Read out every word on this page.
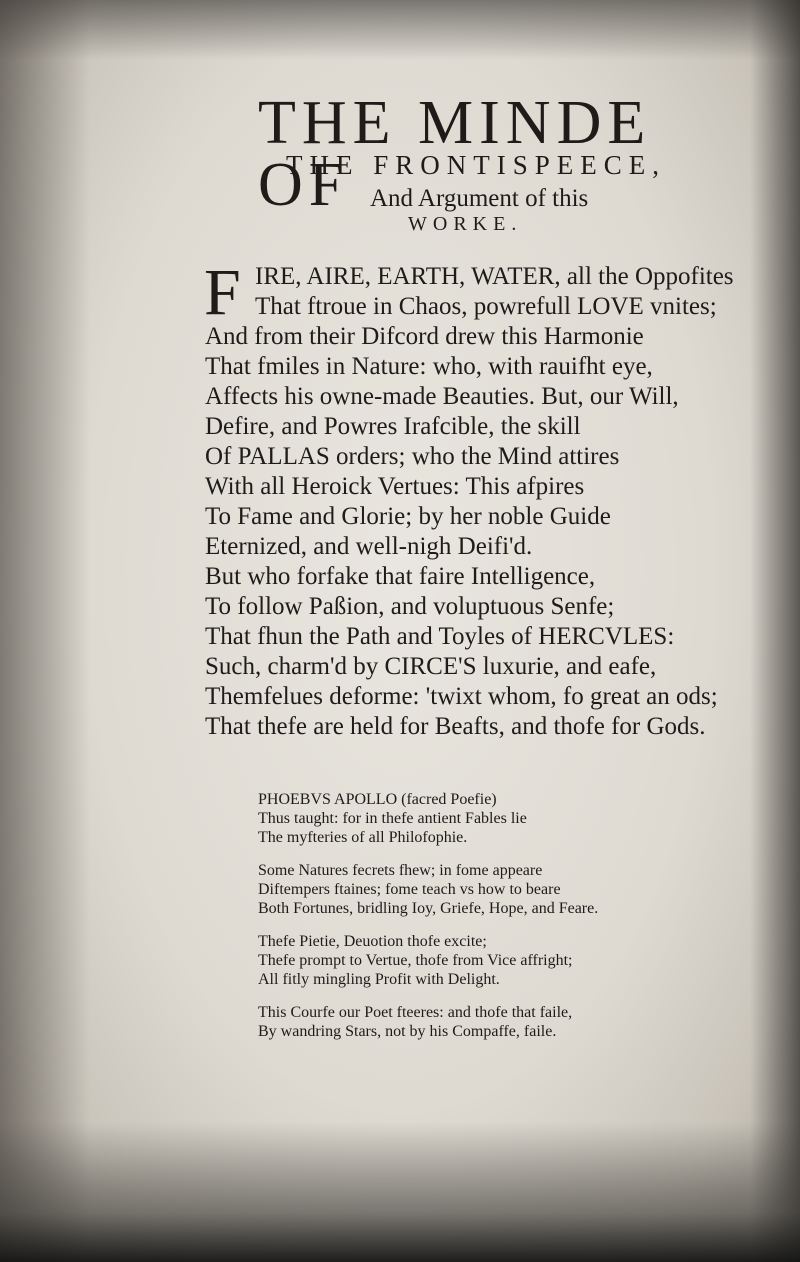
THE MINDE OF
THE FRONTISPEECE,
And Argument of this
WORKE.
F IRE, AIRE, EARTH, WATER, all the Oppofites
That ftroue in Chaos, powrefull LOVE vnites;
And from their Difcord drew this Harmonie
That fmiles in Nature: who, with rauifht eye,
Affects his owne-made Beauties. But, our Will,
Defire, and Powres Irafcible, the skill
Of PALLAS orders; who the Mind attires
With all Heroick Vertues: This afpires
To Fame and Glorie; by her noble Guide
Eternized, and well-nigh Deifi'd.
But who forfake that faire Intelligence,
To follow Paßion, and voluptuous Senfe;
That fhun the Path and Toyles of HERCVLES:
Such, charm'd by CIRCE'S luxurie, and eafe,
Themfelues deforme: 'twixt whom, fo great an ods;
That thefe are held for Beafts, and thofe for Gods.
PHOEBVS APOLLO (facred Poefie)
Thus taught: for in thefe antient Fables lie
The myfteries of all Philofophie.
Some Natures fecrets fhew; in fome appeare
Diftempers ftaines; fome teach vs how to beare
Both Fortunes, bridling Ioy, Griefe, Hope, and Feare.
Thefe Pietie, Deuotion thofe excite;
Thefe prompt to Vertue, thofe from Vice affright;
All fitly mingling Profit with Delight.
This Courfe our Poet fteeres: and thofe that faile,
By wandring Stars, not by his Compaffe, faile.
